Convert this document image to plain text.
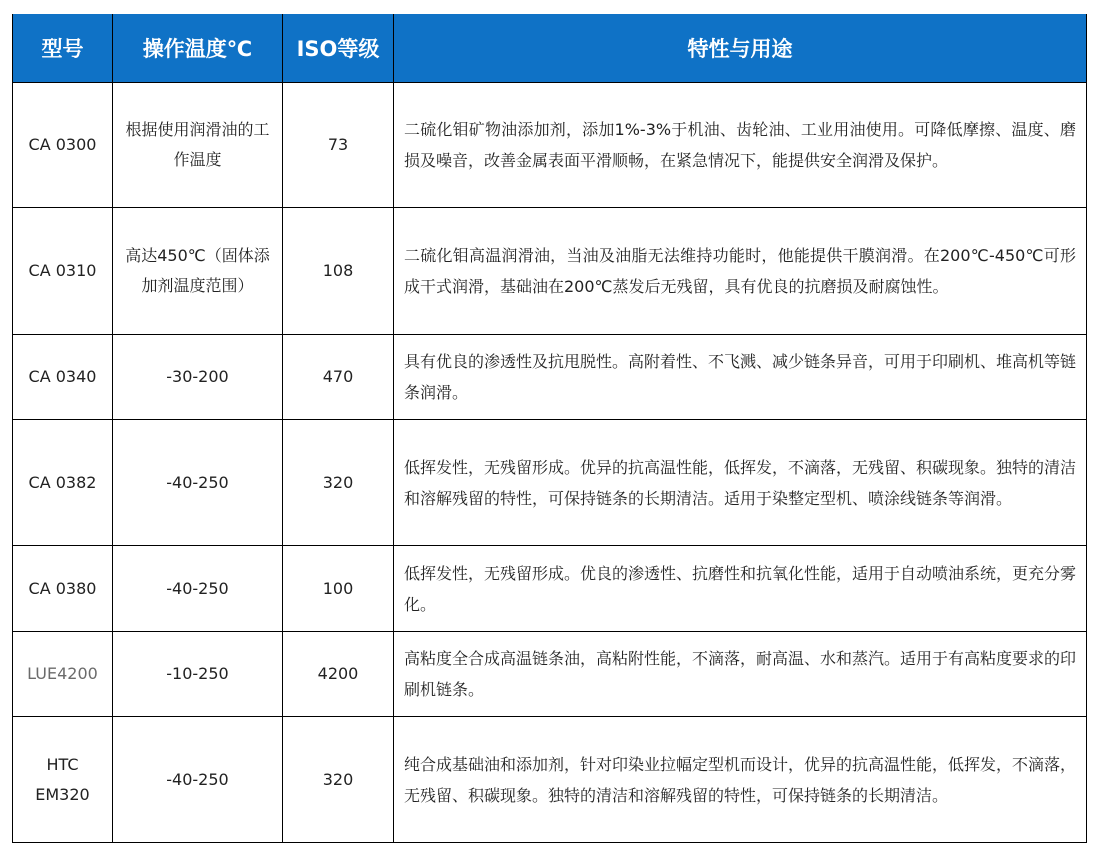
型号	操作温度℃	ISO等级	特性与用途
CA 0300	根据使用润滑油的工作温度	73	二硫化钼矿物油添加剂，添加1%-3%于机油、齿轮油、工业用油使用。可降低摩擦、温度、磨损及噪音，改善金属表面平滑顺畅，在紧急情况下，能提供安全润滑及保护。
CA 0310	高达450℃（固体添加剂温度范围）	108	二硫化钼高温润滑油，当油及油脂无法维持功能时，他能提供干膜润滑。在200℃-450℃可形成干式润滑，基础油在200℃蒸发后无残留，具有优良的抗磨损及耐腐蚀性。
CA 0340	-30-200	470	具有优良的渗透性及抗甩脱性。高附着性、不飞溅、减少链条异音，可用于印刷机、堆高机等链条润滑。
CA 0382	-40-250	320	低挥发性，无残留形成。优异的抗高温性能，低挥发，不滴落，无残留、积碳现象。独特的清洁和溶解残留的特性，可保持链条的长期清洁。适用于染整定型机、喷涂线链条等润滑。
CA 0380	-40-250	100	低挥发性，无残留形成。优良的渗透性、抗磨性和抗氧化性能，适用于自动喷油系统，更充分雾化。
LUE4200	-10-250	4200	高粘度全合成高温链条油，高粘附性能，不滴落，耐高温、水和蒸汽。适用于有高粘度要求的印刷机链条。
HTC EM320	-40-250	320	纯合成基础油和添加剂，针对印染业拉幅定型机而设计，优异的抗高温性能，低挥发，不滴落，无残留、积碳现象。独特的清洁和溶解残留的特性，可保持链条的长期清洁。
